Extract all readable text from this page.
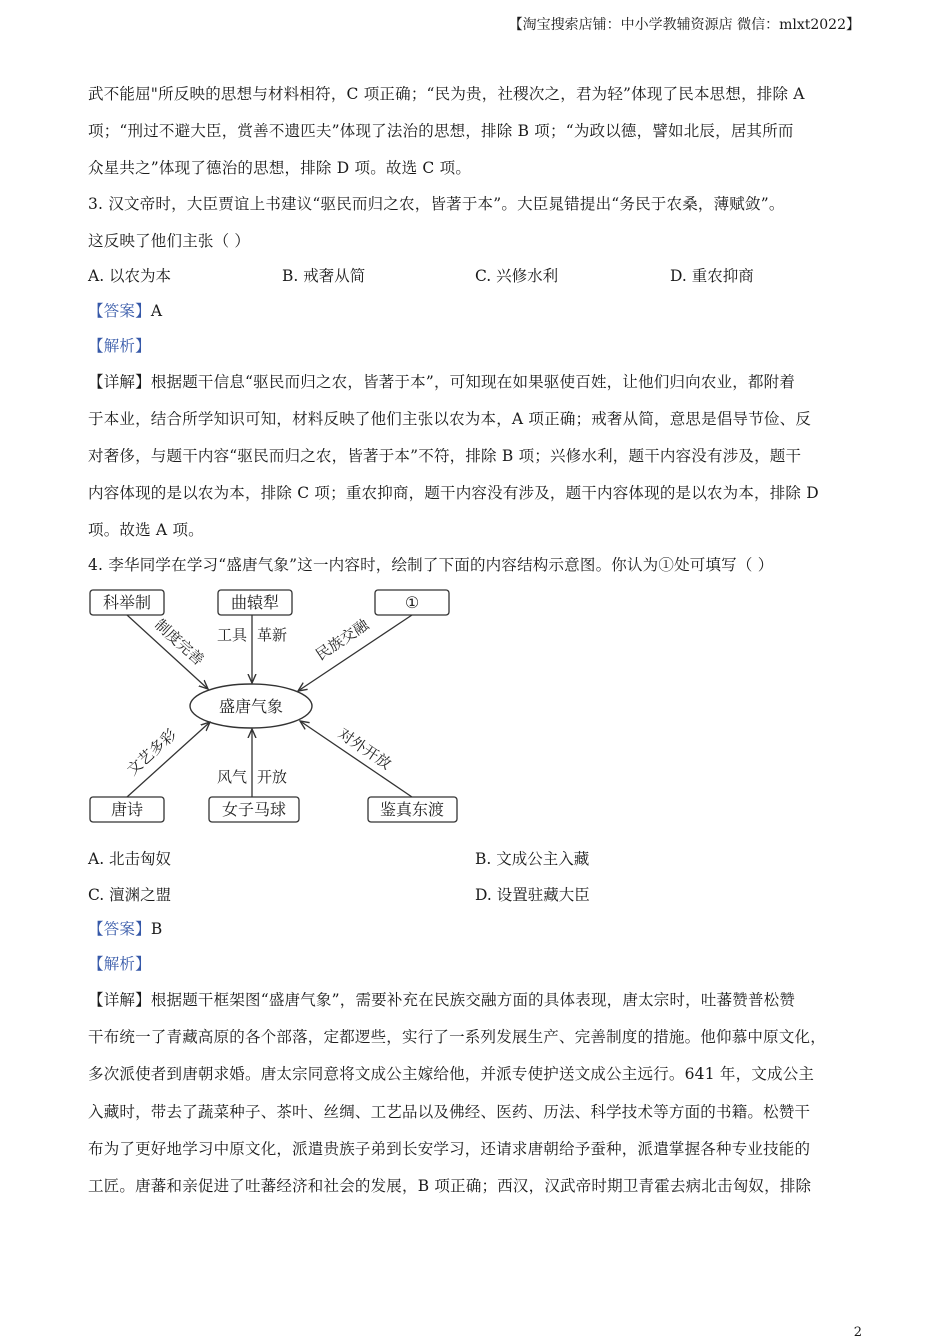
【淘宝搜索店铺：中小学教辅资源店 微信：mlxt2022】
武不能屈"所反映的思想与材料相符，C 项正确；“民为贵，社稷次之，君为轻”体现了民本思想，排除 A
项；“刑过不避大臣，赏善不遗匹夫”体现了法治的思想，排除 B 项；“为政以德，譬如北辰，居其所而
众星共之”体现了德治的思想，排除 D 项。故选 C 项。
3. 汉文帝时，大臣贾谊上书建议“驱民而归之农，皆著于本”。大臣晁错提出“务民于农桑，薄赋敛”。
这反映了他们主张（ ）
A. 以农为本	B. 戒奢从简	C. 兴修水利	D. 重农抑商
【答案】A
【解析】
【详解】根据题干信息“驱民而归之农，皆著于本”，可知现在如果驱使百姓，让他们归向农业，都附着
于本业，结合所学知识可知，材料反映了他们主张以农为本，A 项正确；戒奢从简，意思是倡导节俭、反
对奢侈，与题干内容“驱民而归之农，皆著于本”不符，排除 B 项；兴修水利，题干内容没有涉及，题干
内容体现的是以农为本，排除 C 项；重农抑商，题干内容没有涉及，题干内容体现的是以农为本，排除 D
项。故选 A 项。
4. 李华同学在学习“盛唐气象”这一内容时，绘制了下面的内容结构示意图。你认为①处可填写（ ）
科举制	曲辕犁	①
唐诗	女子马球	鉴真东渡
盛唐气象
制度完善 工具 革新 民族交融
文艺多彩 风气 开放
对外开放
A. 北击匈奴	B. 文成公主入藏
C. 澶渊之盟	D. 设置驻藏大臣
【答案】B
【解析】
【详解】根据题干框架图“盛唐气象”，需要补充在民族交融方面的具体表现，唐太宗时，吐蕃赞普松赞
干布统一了青藏高原的各个部落，定都逻些，实行了一系列发展生产、完善制度的措施。他仰慕中原文化，
多次派使者到唐朝求婚。唐太宗同意将文成公主嫁给他，并派专使护送文成公主远行。641 年，文成公主
入藏时，带去了蔬菜种子、茶叶、丝绸、工艺品以及佛经、医药、历法、科学技术等方面的书籍。松赞干
布为了更好地学习中原文化，派遣贵族子弟到长安学习，还请求唐朝给予蚕种，派遣掌握各种专业技能的
工匠。唐蕃和亲促进了吐蕃经济和社会的发展，B 项正确；西汉，汉武帝时期卫青霍去病北击匈奴，排除
2
